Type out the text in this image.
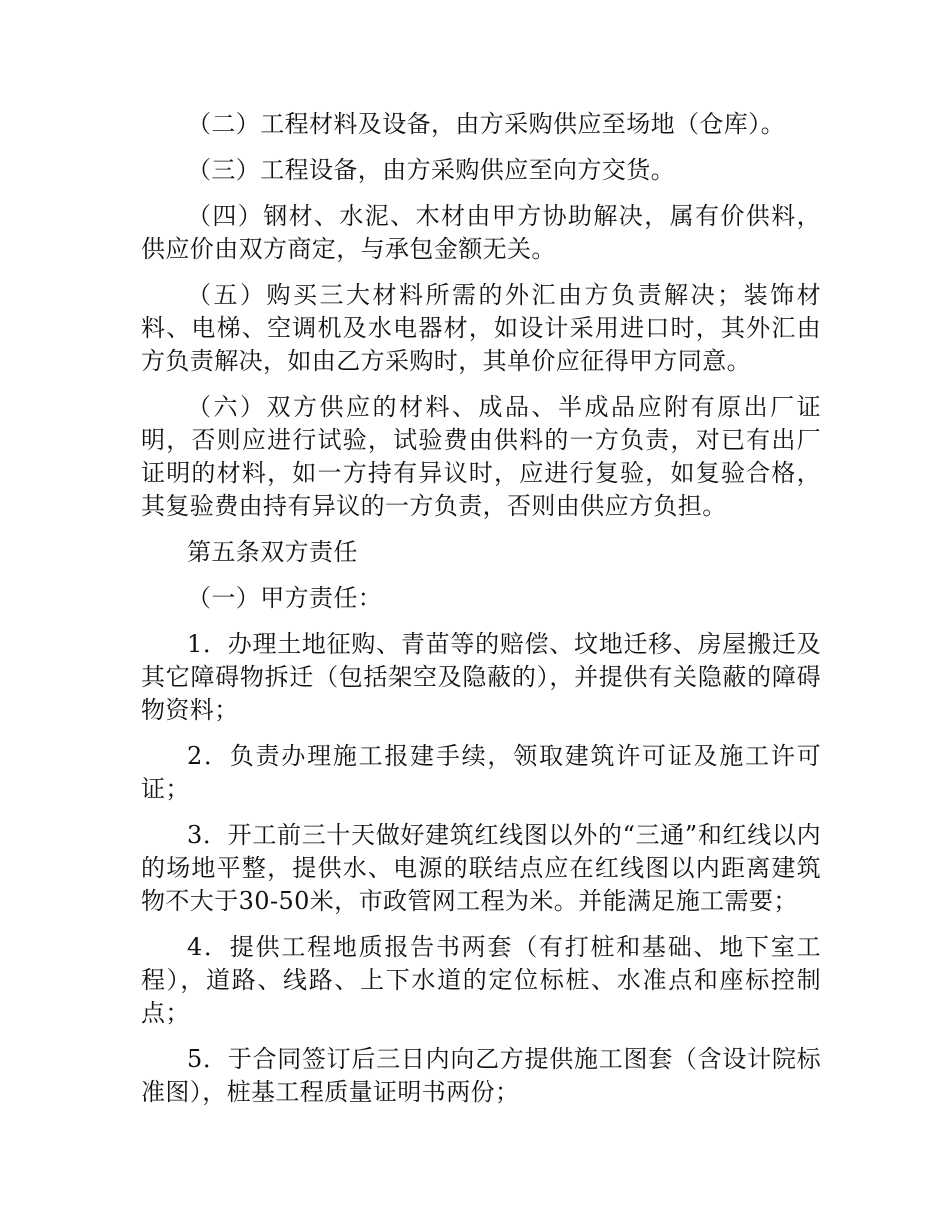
（二）工程材料及设备，由方采购供应至场地（仓库）。

（三）工程设备，由方采购供应至向方交货。

（四）钢材、水泥、木材由甲方协助解决，属有价供料，供应价由双方商定，与承包金额无关。

（五）购买三大材料所需的外汇由方负责解决；装饰材料、电梯、空调机及水电器材，如设计采用进口时，其外汇由方负责解决，如由乙方采购时，其单价应征得甲方同意。

（六）双方供应的材料、成品、半成品应附有原出厂证明，否则应进行试验，试验费由供料的一方负责，对已有出厂证明的材料，如一方持有异议时，应进行复验，如复验合格，其复验费由持有异议的一方负责，否则由供应方负担。

第五条双方责任

（一）甲方责任：

1．办理土地征购、青苗等的赔偿、坟地迁移、房屋搬迁及其它障碍物拆迁（包括架空及隐蔽的），并提供有关隐蔽的障碍物资料；

2．负责办理施工报建手续，领取建筑许可证及施工许可证；

3．开工前三十天做好建筑红线图以外的“三通”和红线以内的场地平整，提供水、电源的联结点应在红线图以内距离建筑物不大于30-50米，市政管网工程为米。并能满足施工需要；

4．提供工程地质报告书两套（有打桩和基础、地下室工程），道路、线路、上下水道的定位标桩、水准点和座标控制点；

5．于合同签订后三日内向乙方提供施工图套（含设计院标准图），桩基工程质量证明书两份；
